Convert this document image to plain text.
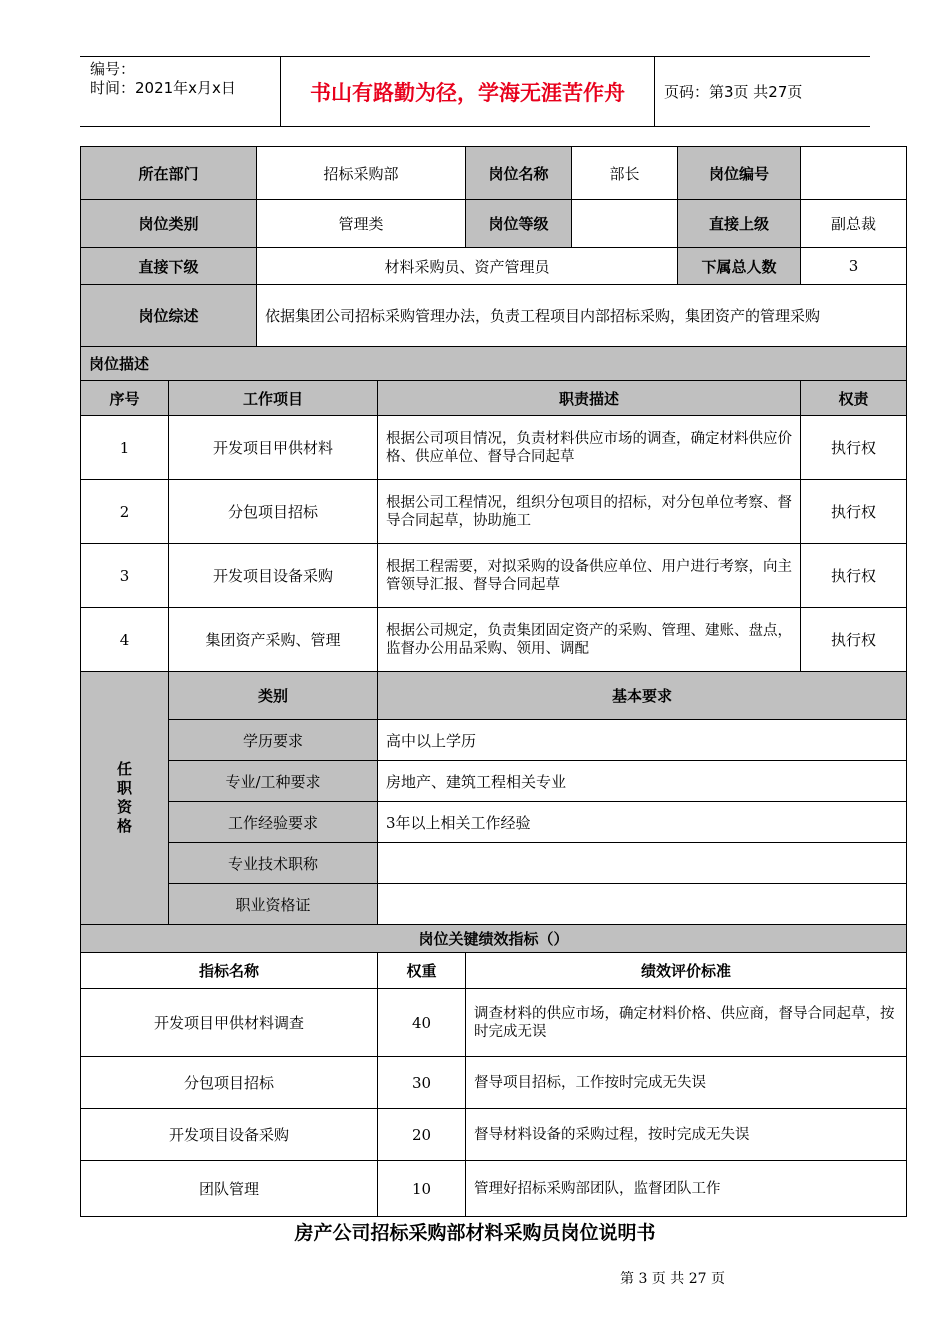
编号：
时间：2021年x月x日	书山有路勤为径，学海无涯苦作舟	页码：第3页 共27页
所在部门		招标采购部		岗位名称	部长	岗位编号	
岗位类别		管理类		岗位等级		直接上级	副总裁
直接下级		材料采购员、资产管理员				下属总人数	3
岗位综述		依据集团公司招标采购管理办法，负责工程项目内部招标采购，集团资产的管理采购					
岗位描述							
序号	工作项目		职责描述				权责
1	开发项目甲供材料		根据公司项目情况，负责材料供应市场的调查，确定材料供应价格、供应单位、督导合同起草				执行权
2	分包项目招标		根据公司工程情况，组织分包项目的招标，对分包单位考察、督导合同起草，协助施工				执行权
3	开发项目设备采购		根据工程需要，对拟采购的设备供应单位、用户进行考察，向主管领导汇报、督导合同起草				执行权
4	集团资产采购、管理		根据公司规定，负责集团固定资产的采购、管理、建账、盘点，监督办公用品采购、领用、调配				执行权
任
职
资
格	类别		基本要求				
	学历要求		高中以上学历				
	专业/工种要求		房地产、建筑工程相关专业				
	工作经验要求		3年以上相关工作经验				
	专业技术职称						
	职业资格证						
岗位关键绩效指标（）							
指标名称			权重	绩效评价标准			
开发项目甲供材料调查			40	调查材料的供应市场，确定材料价格、供应商，督导合同起草，按时完成无误			
分包项目招标			30	督导项目招标，工作按时完成无失误			
开发项目设备采购			20	督导材料设备的采购过程，按时完成无失误			
团队管理			10	管理好招标采购部团队，监督团队工作			
房产公司招标采购部材料采购员岗位说明书
第 3 页 共 27 页
